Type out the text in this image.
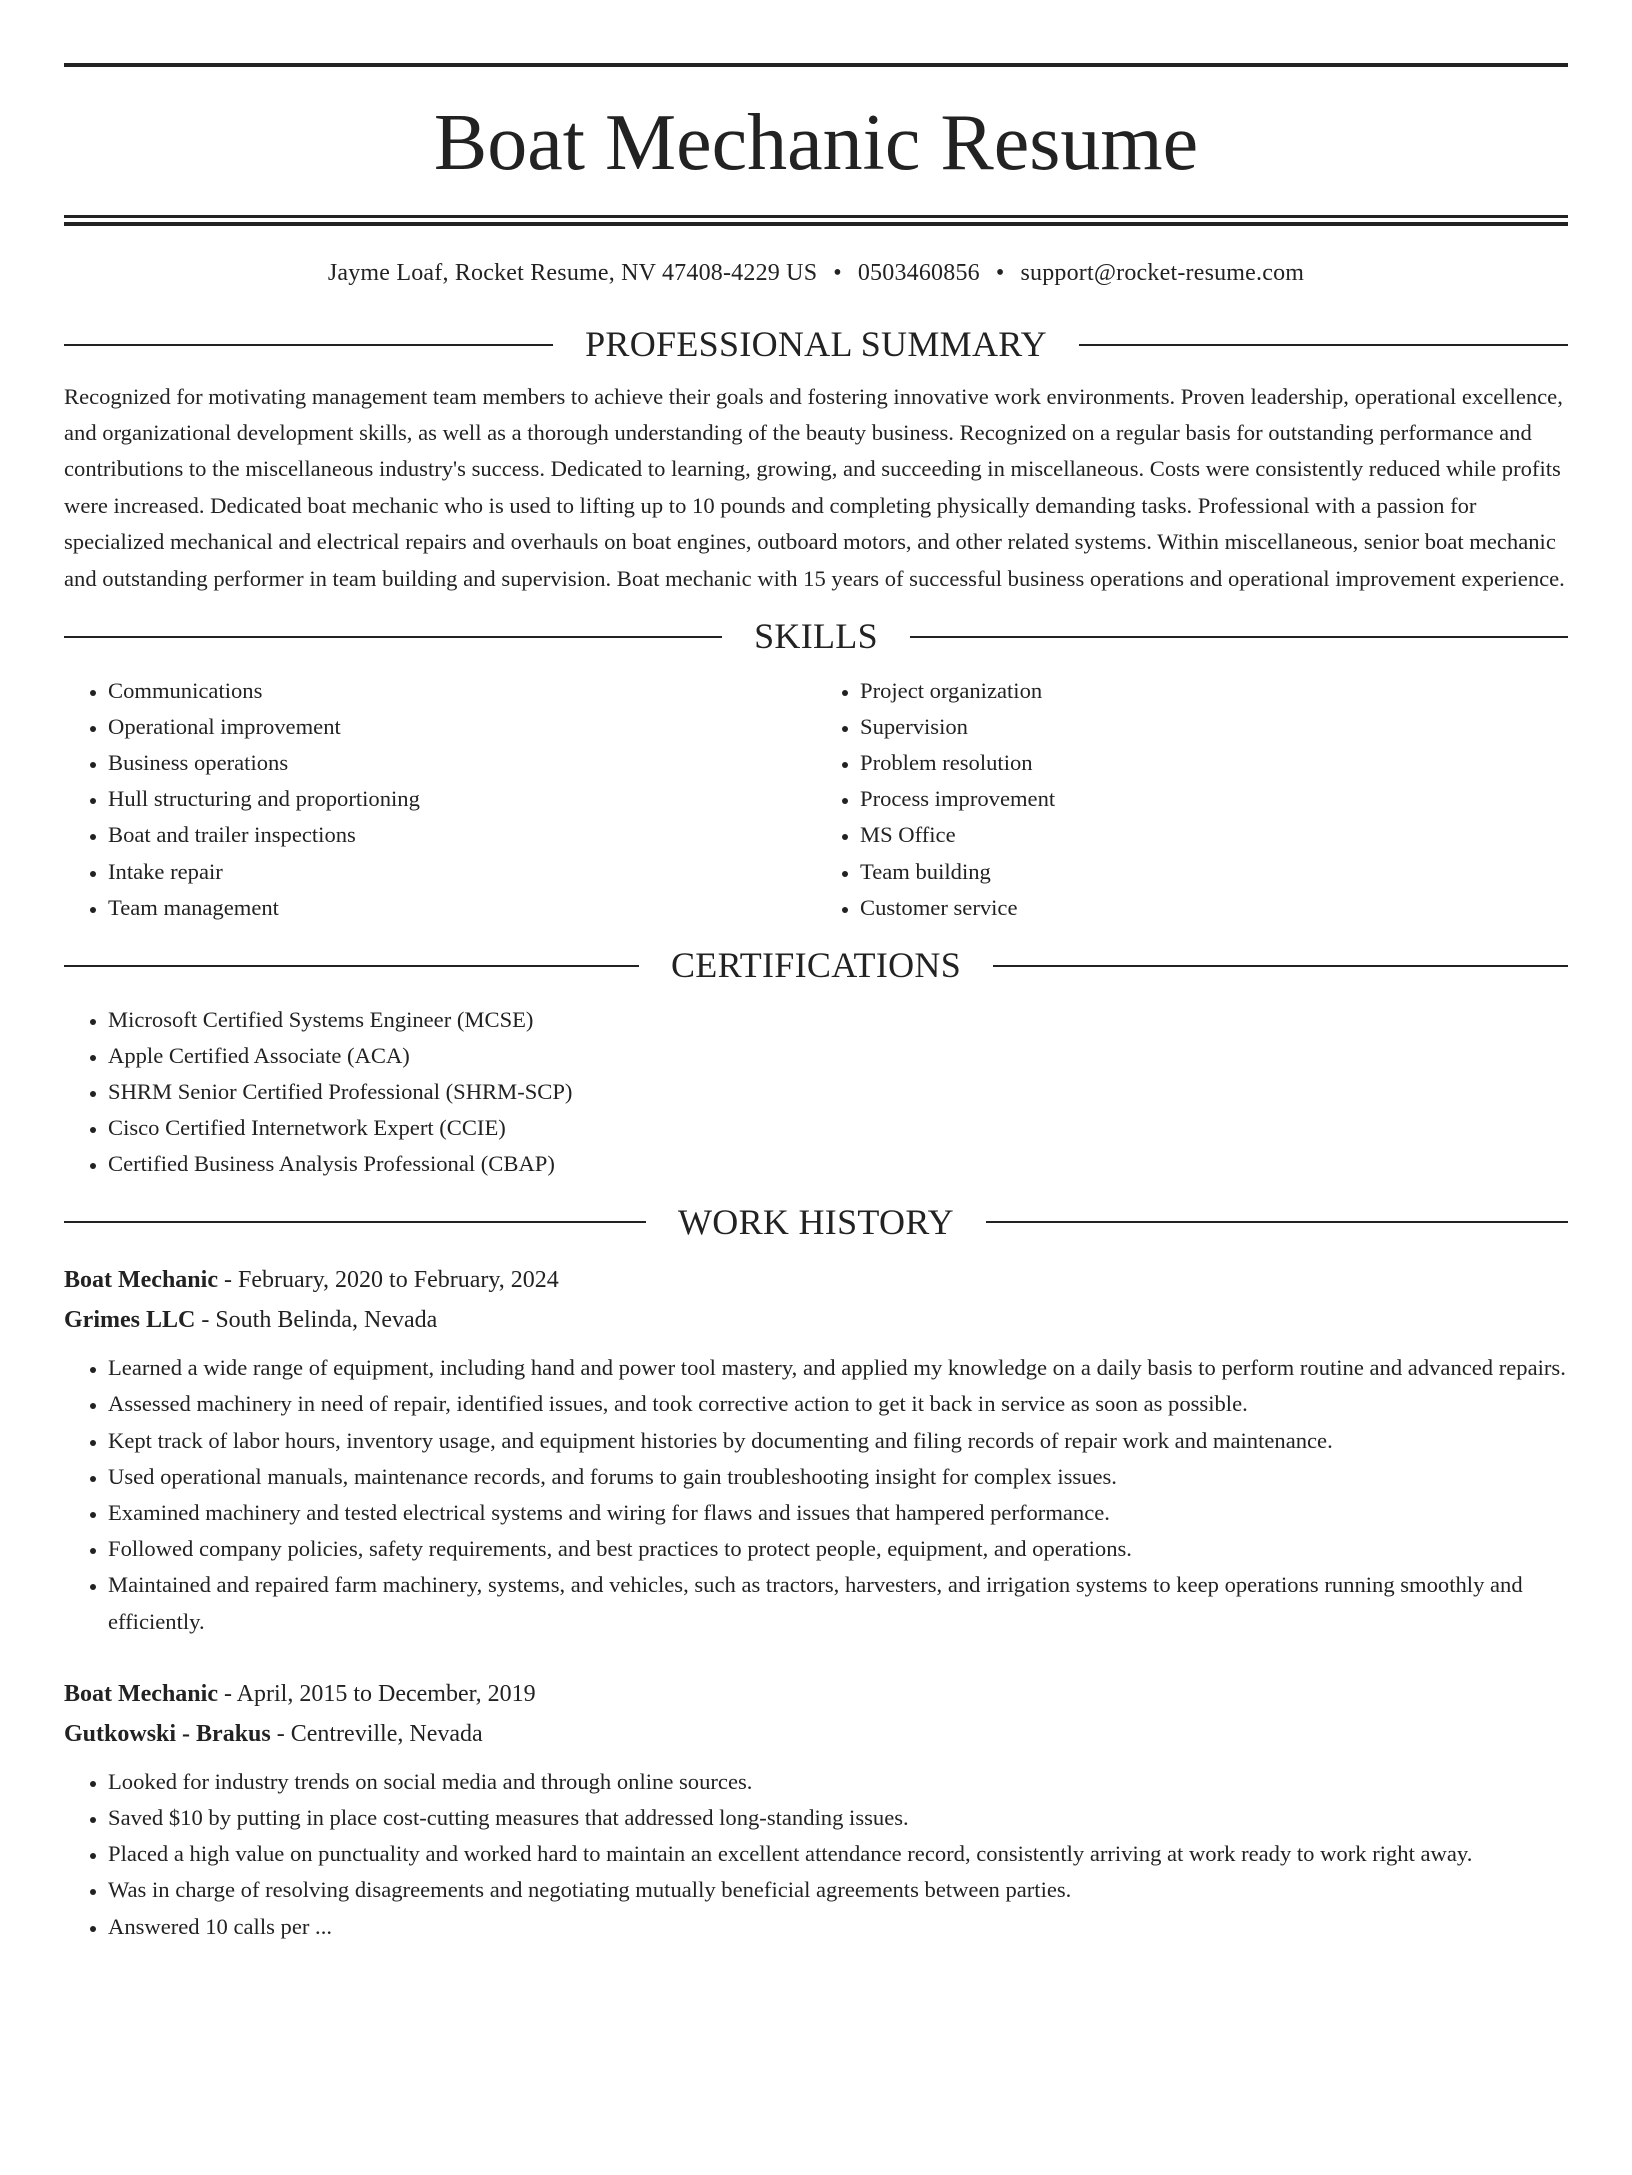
Boat Mechanic Resume
Jayme Loaf, Rocket Resume, NV 47408-4229 US • 0503460856 • support@rocket-resume.com
PROFESSIONAL SUMMARY

Recognized for motivating management team members to achieve their goals and fostering innovative work environments. Proven leadership, operational excellence, and organizational development skills, as well as a thorough understanding of the beauty business. Recognized on a regular basis for outstanding performance and contributions to the miscellaneous industry's success. Dedicated to learning, growing, and succeeding in miscellaneous. Costs were consistently reduced while profits were increased. Dedicated boat mechanic who is used to lifting up to 10 pounds and completing physically demanding tasks. Professional with a passion for specialized mechanical and electrical repairs and overhauls on boat engines, outboard motors, and other related systems. Within miscellaneous, senior boat mechanic and outstanding performer in team building and supervision. Boat mechanic with 15 years of successful business operations and operational improvement experience.

SKILLS
• Communications
• Operational improvement
• Business operations
• Hull structuring and proportioning
• Boat and trailer inspections
• Intake repair
• Team management
• Project organization
• Supervision
• Problem resolution
• Process improvement
• MS Office
• Team building
• Customer service
CERTIFICATIONS
• Microsoft Certified Systems Engineer (MCSE)
• Apple Certified Associate (ACA)
• SHRM Senior Certified Professional (SHRM-SCP)
• Cisco Certified Internetwork Expert (CCIE)
• Certified Business Analysis Professional (CBAP)
WORK HISTORY
Boat Mechanic - February, 2020 to February, 2024
Grimes LLC - South Belinda, Nevada
• Learned a wide range of equipment, including hand and power tool mastery, and applied my knowledge on a daily basis to perform routine and advanced repairs.
• Assessed machinery in need of repair, identified issues, and took corrective action to get it back in service as soon as possible.
• Kept track of labor hours, inventory usage, and equipment histories by documenting and filing records of repair work and maintenance.
• Used operational manuals, maintenance records, and forums to gain troubleshooting insight for complex issues.
• Examined machinery and tested electrical systems and wiring for flaws and issues that hampered performance.
• Followed company policies, safety requirements, and best practices to protect people, equipment, and operations.
• Maintained and repaired farm machinery, systems, and vehicles, such as tractors, harvesters, and irrigation systems to keep operations running smoothly and efficiently.
Boat Mechanic - April, 2015 to December, 2019
Gutkowski - Brakus - Centreville, Nevada
• Looked for industry trends on social media and through online sources.
• Saved $10 by putting in place cost-cutting measures that addressed long-standing issues.
• Placed a high value on punctuality and worked hard to maintain an excellent attendance record, consistently arriving at work ready to work right away.
• Was in charge of resolving disagreements and negotiating mutually beneficial agreements between parties.
• Answered 10 calls per ...
